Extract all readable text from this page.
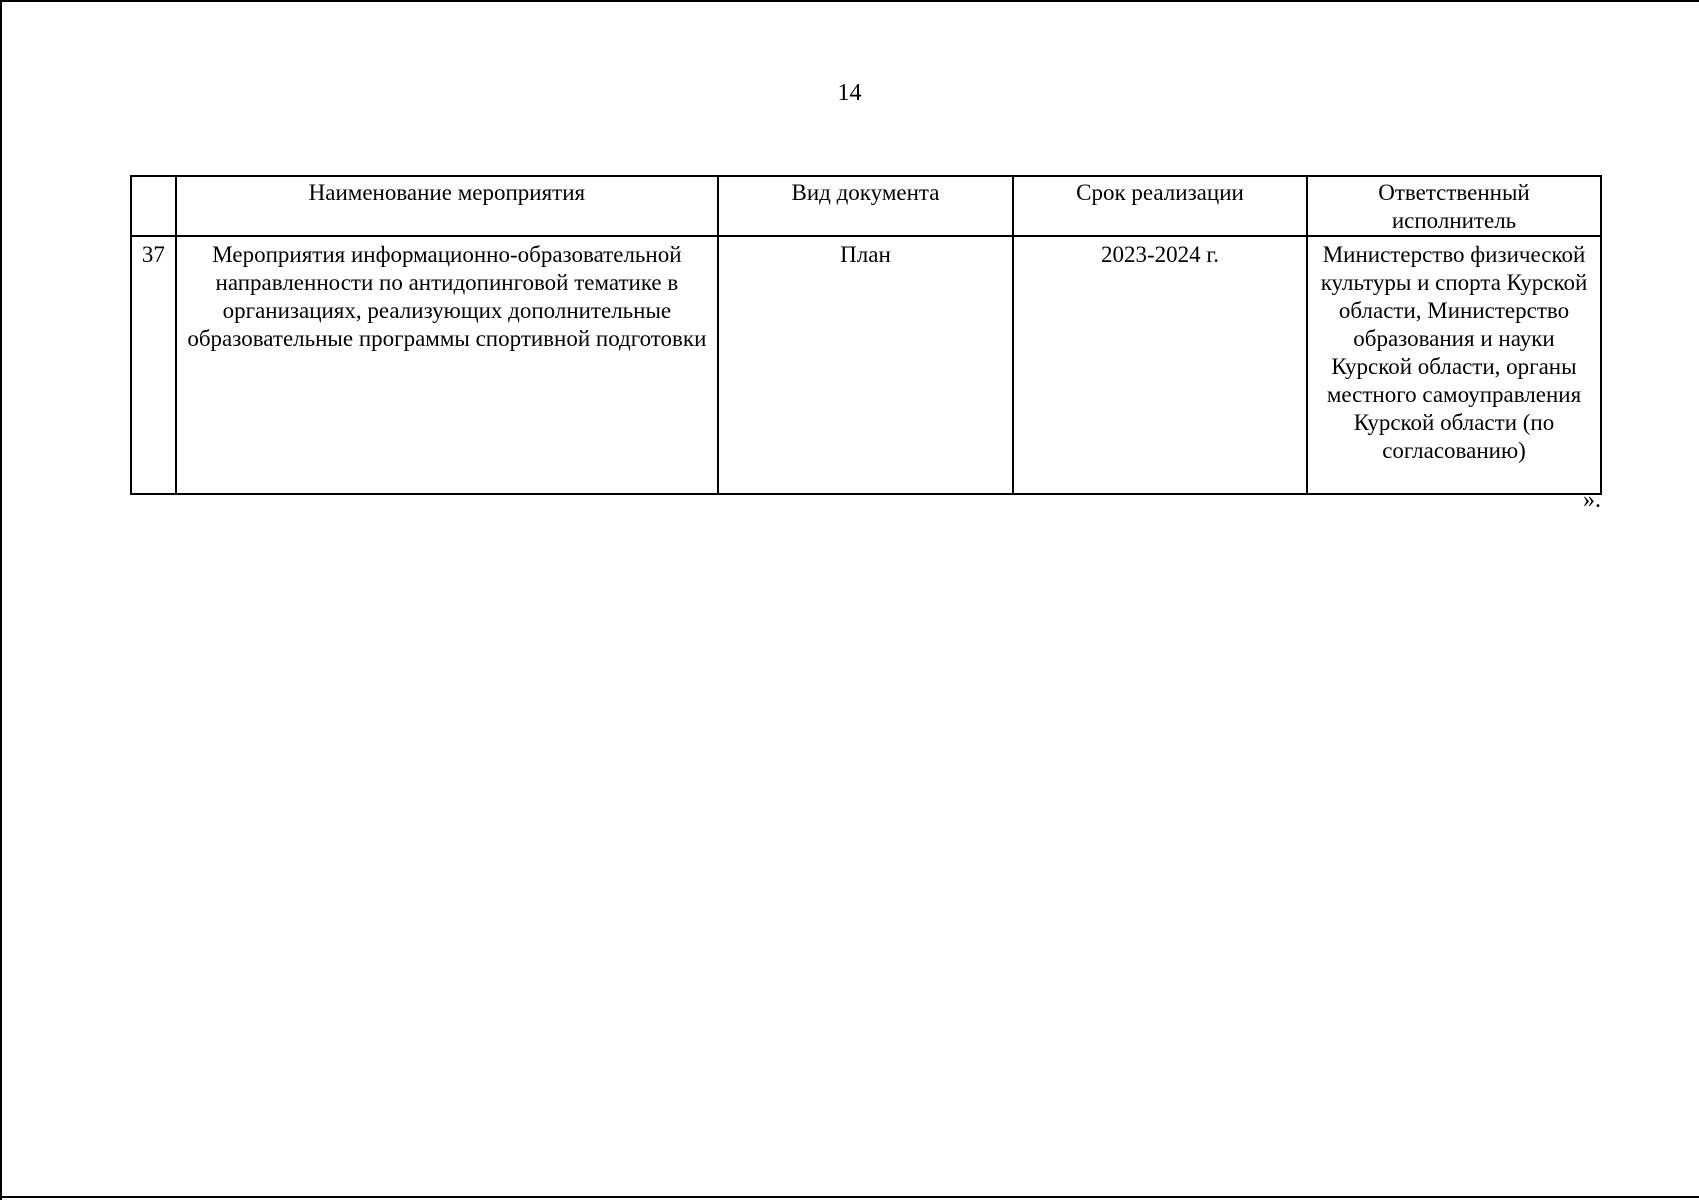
14
	Наименование мероприятия	Вид документа	Срок реализации	Ответственный исполнитель
37	Мероприятия информационно-образовательной направленности по антидопинговой тематике в организациях, реализующих дополнительные образовательные программы спортивной подготовки	План	2023-2024 г.	Министерство физической культуры и спорта Курской области, Министерство образования и науки Курской области, органы местного самоуправления Курской области (по согласованию)
».
